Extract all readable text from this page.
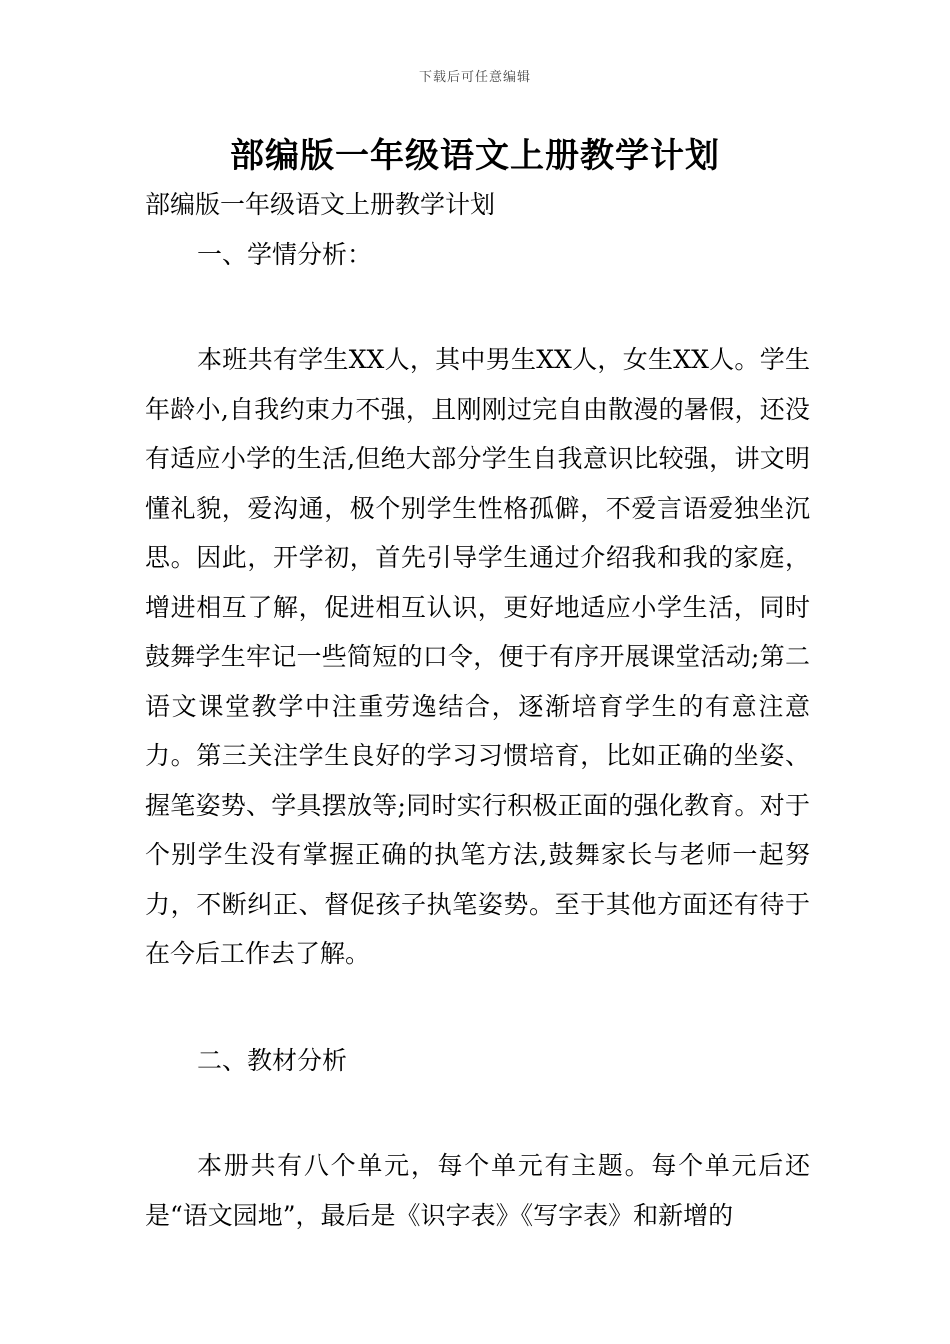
下载后可任意编辑
部编版一年级语文上册教学计划

部编版一年级语文上册教学计划

一、学情分析：

本班共有学生XX人，其中男生XX人，女生XX人。学生年龄小,自我约束力不强，且刚刚过完自由散漫的暑假，还没有适应小学的生活,但绝大部分学生自我意识比较强，讲文明懂礼貌，爱沟通，极个别学生性格孤僻，不爱言语爱独坐沉思。因此，开学初，首先引导学生通过介绍我和我的家庭，增进相互了解，促进相互认识，更好地适应小学生活，同时鼓舞学生牢记一些简短的口令，便于有序开展课堂活动;第二语文课堂教学中注重劳逸结合，逐渐培育学生的有意注意力。第三关注学生良好的学习习惯培育，比如正确的坐姿、握笔姿势、学具摆放等;同时实行积极正面的强化教育。对于个别学生没有掌握正确的执笔方法,鼓舞家长与老师一起努力，不断纠正、督促孩子执笔姿势。至于其他方面还有待于在今后工作去了解。

二、教材分析

本册共有八个单元，每个单元有主题。每个单元后还是“语文园地”，最后是《识字表》《写字表》和新增的
